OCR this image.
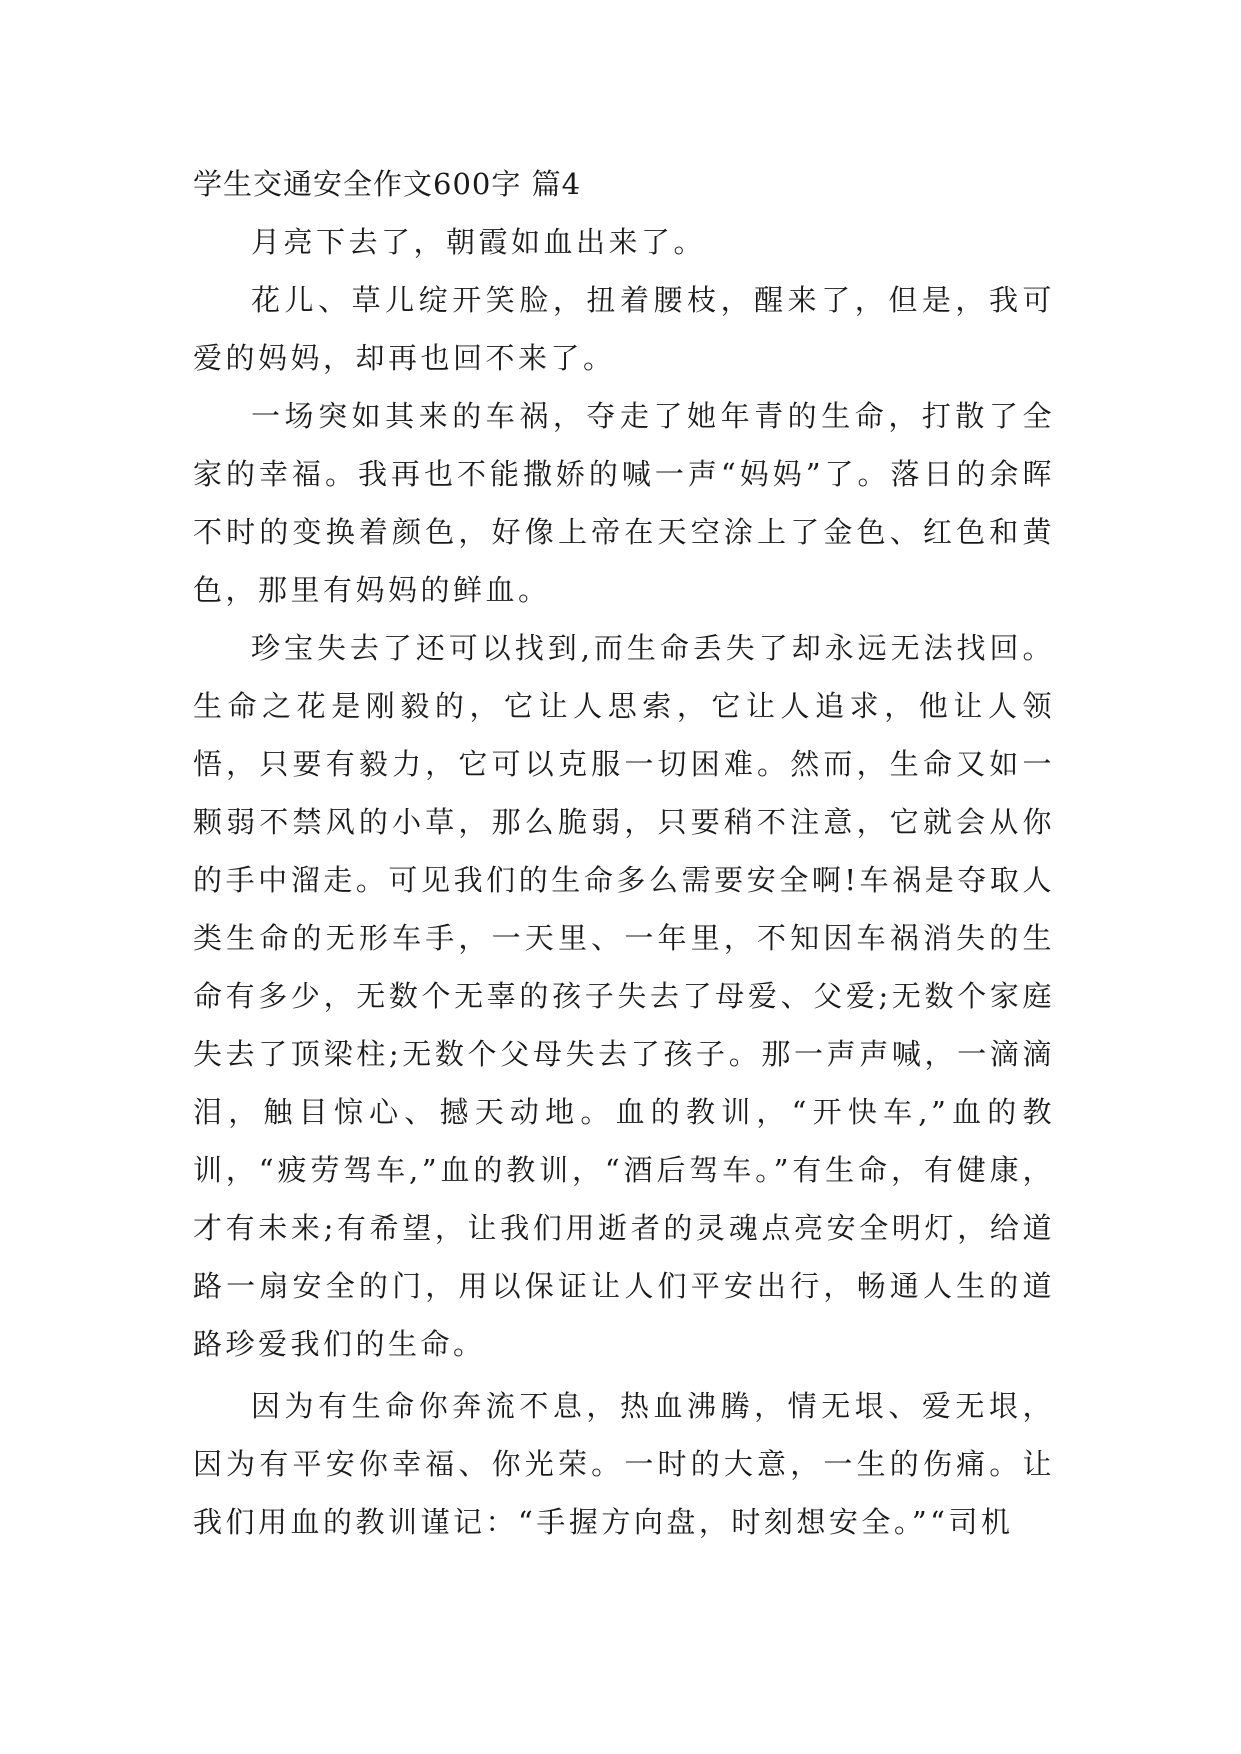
学生交通安全作文600字 篇4

月亮下去了，朝霞如血出来了。

花儿、草儿绽开笑脸，扭着腰枝，醒来了，但是，我可爱的妈妈，却再也回不来了。

一场突如其来的车祸，夺走了她年青的生命，打散了全家的幸福。我再也不能撒娇的喊一声“妈妈”了。落日的余晖不时的变换着颜色，好像上帝在天空涂上了金色、红色和黄色，那里有妈妈的鲜血。

珍宝失去了还可以找到,而生命丢失了却永远无法找回。生命之花是刚毅的，它让人思索，它让人追求，他让人领悟，只要有毅力，它可以克服一切困难。然而，生命又如一颗弱不禁风的小草，那么脆弱，只要稍不注意，它就会从你的手中溜走。可见我们的生命多么需要安全啊!车祸是夺取人类生命的无形车手，一天里、一年里，不知因车祸消失的生命有多少，无数个无辜的孩子失去了母爱、父爱;无数个家庭失去了顶梁柱;无数个父母失去了孩子。那一声声喊，一滴滴泪，触目惊心、撼天动地。血的教训，“开快车,”血的教训，“疲劳驾车,”血的教训，“酒后驾车。”有生命，有健康，才有未来;有希望，让我们用逝者的灵魂点亮安全明灯，给道路一扇安全的门，用以保证让人们平安出行，畅通人生的道路珍爱我们的生命。

因为有生命你奔流不息，热血沸腾，情无垠、爱无垠，因为有平安你幸福、你光荣。一时的大意，一生的伤痛。让我们用血的教训谨记：“手握方向盘，时刻想安全。”“司机
